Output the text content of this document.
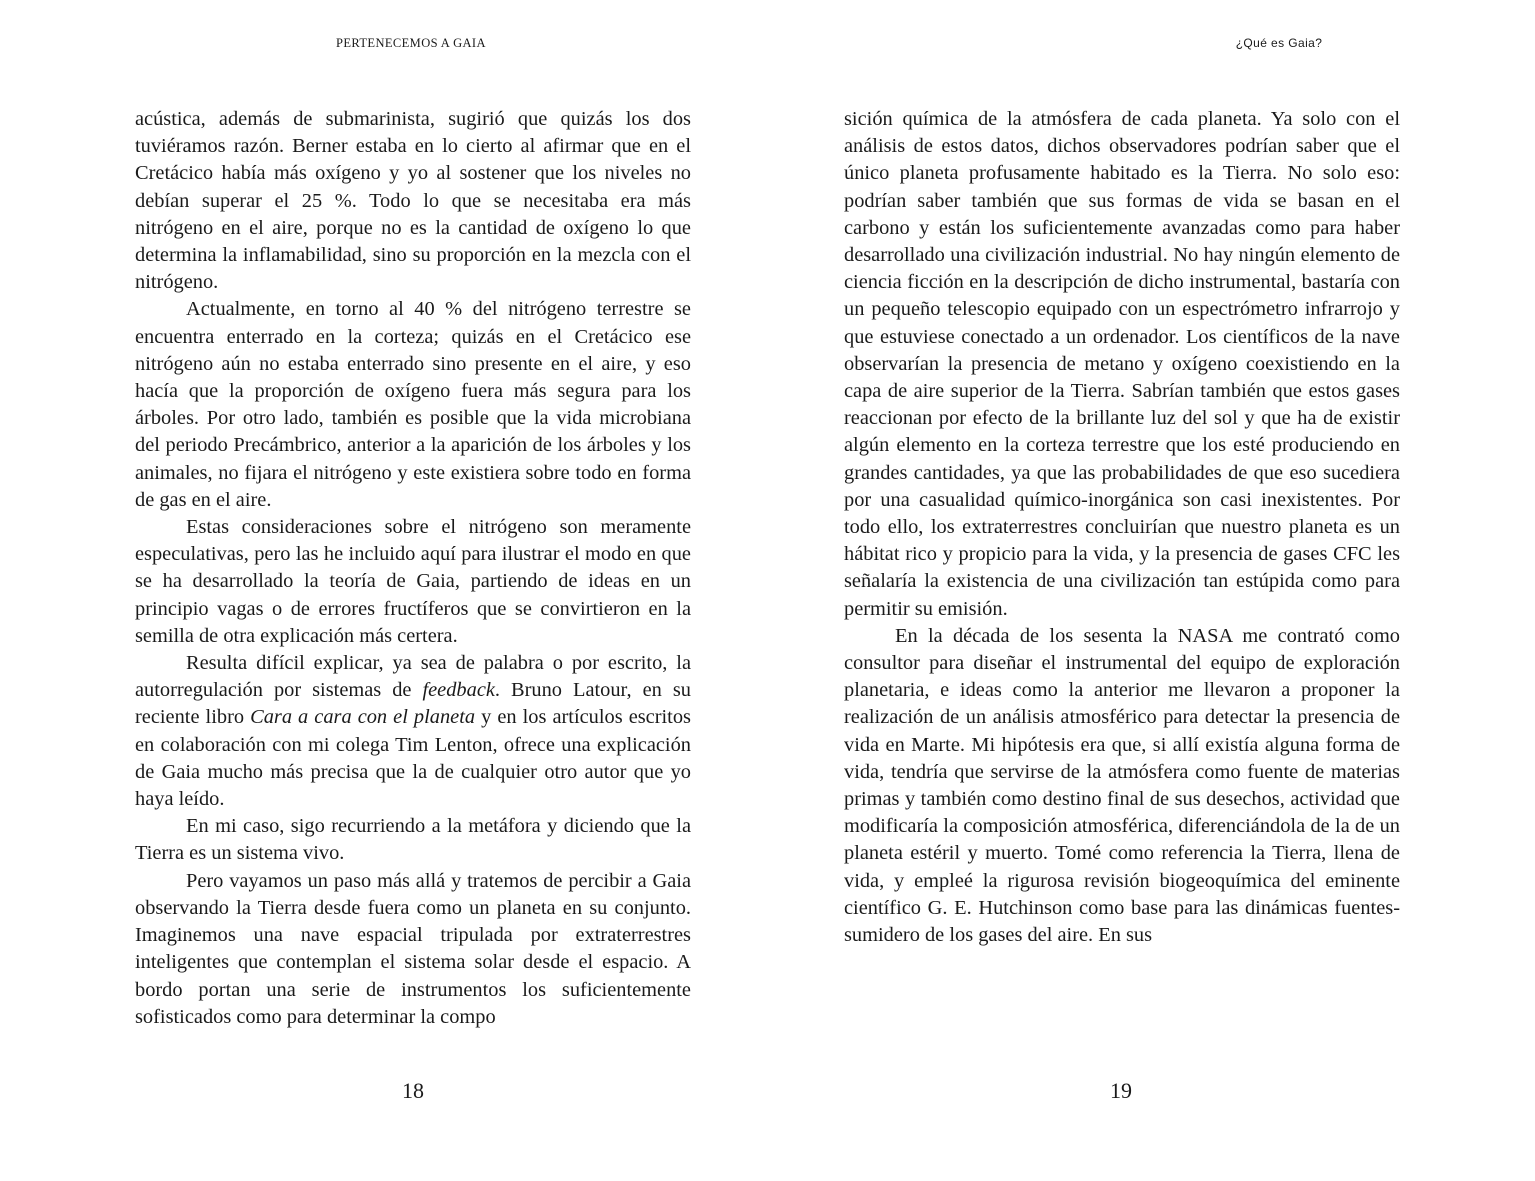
PERTENECEMOS A GAIA

acústica, además de submarinista, sugirió que quizás los dos tuviéramos razón. Berner estaba en lo cierto al afirmar que en el Cretácico había más oxígeno y yo al sostener que los niveles no debían superar el 25 %. Todo lo que se necesitaba era más nitrógeno en el aire, porque no es la cantidad de oxígeno lo que determina la inflamabilidad, sino su proporción en la mezcla con el nitrógeno.

Actualmente, en torno al 40 % del nitrógeno terrestre se encuentra enterrado en la corteza; quizás en el Cretácico ese nitrógeno aún no estaba enterrado sino presente en el aire, y eso hacía que la proporción de oxígeno fuera más segura para los árboles. Por otro lado, también es posible que la vida microbiana del periodo Precámbrico, anterior a la aparición de los árboles y los animales, no fijara el nitrógeno y este existiera sobre todo en forma de gas en el aire.

Estas consideraciones sobre el nitrógeno son meramente especulativas, pero las he incluido aquí para ilustrar el modo en que se ha desarrollado la teoría de Gaia, partiendo de ideas en un principio vagas o de errores fructíferos que se convirtieron en la semilla de otra explicación más certera.

Resulta difícil explicar, ya sea de palabra o por escrito, la autorregulación por sistemas de feedback. Bruno Latour, en su reciente libro Cara a cara con el planeta y en los artículos escritos en colaboración con mi colega Tim Lenton, ofrece una explicación de Gaia mucho más precisa que la de cualquier otro autor que yo haya leído.

En mi caso, sigo recurriendo a la metáfora y diciendo que la Tierra es un sistema vivo.

Pero vayamos un paso más allá y tratemos de percibir a Gaia observando la Tierra desde fuera como un planeta en su conjunto. Imaginemos una nave espacial tripulada por extraterrestres inteligentes que contemplan el sistema solar desde el espacio. A bordo portan una serie de instrumentos los suficientemente sofisticados como para determinar la compo

18

¿Qué es Gaia?

sición química de la atmósfera de cada planeta. Ya solo con el análisis de estos datos, dichos observadores podrían saber que el único planeta profusamente habitado es la Tierra. No solo eso: podrían saber también que sus formas de vida se basan en el carbono y están los suficientemente avanzadas como para haber desarrollado una civilización industrial. No hay ningún elemento de ciencia ficción en la descripción de dicho instrumental, bastaría con un pequeño telescopio equipado con un espectrómetro infrarrojo y que estuviese conectado a un ordenador. Los científicos de la nave observarían la presencia de metano y oxígeno coexistiendo en la capa de aire superior de la Tierra. Sabrían también que estos gases reaccionan por efecto de la brillante luz del sol y que ha de existir algún elemento en la corteza terrestre que los esté produciendo en grandes cantidades, ya que las probabilidades de que eso sucediera por una casualidad químico-inorgánica son casi inexistentes. Por todo ello, los extraterrestres concluirían que nuestro planeta es un hábitat rico y propicio para la vida, y la presencia de gases CFC les señalaría la existencia de una civilización tan estúpida como para permitir su emisión.

En la década de los sesenta la NASA me contrató como consultor para diseñar el instrumental del equipo de exploración planetaria, e ideas como la anterior me llevaron a proponer la realización de un análisis atmosférico para detectar la presencia de vida en Marte. Mi hipótesis era que, si allí existía alguna forma de vida, tendría que servirse de la atmósfera como fuente de materias primas y también como destino final de sus desechos, actividad que modificaría la composición atmosférica, diferenciándola de la de un planeta estéril y muerto. Tomé como referencia la Tierra, llena de vida, y empleé la rigurosa revisión biogeoquímica del eminente científico G. E. Hutchinson como base para las dinámicas fuentes-sumidero de los gases del aire. En sus

19
